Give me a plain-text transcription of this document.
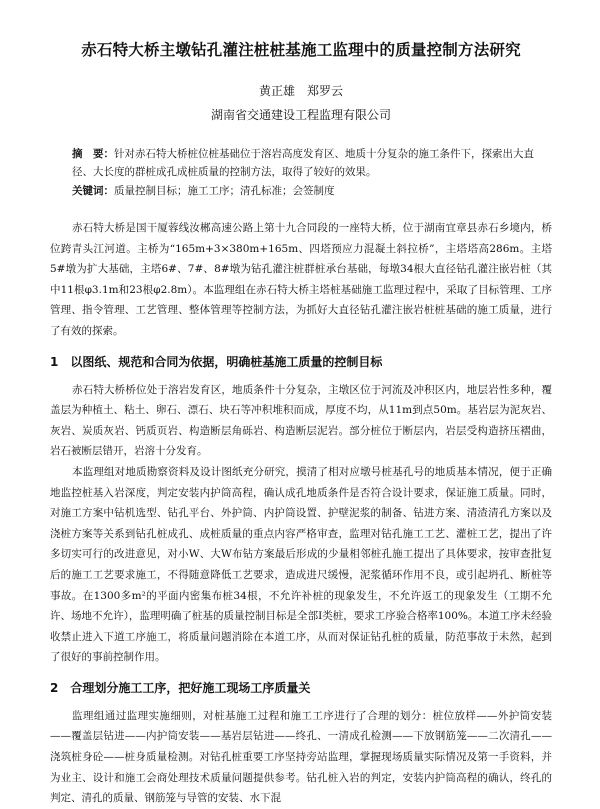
赤石特大桥主墩钻孔灌注桩桩基施工监理中的质量控制方法研究
黄正雄　郑罗云
湖南省交通建设工程监理有限公司
摘　要：针对赤石特大桥桩位桩基础位于溶岩高度发育区、地质十分复杂的施工条件下，探索出大直径、大长度的群桩成孔成桩质量的控制方法，取得了较好的效果。
关键词：质量控制目标；施工工序；清孔标准；会签制度

赤石特大桥是国干厦蓉线汝郴高速公路上第十九合同段的一座特大桥，位于湖南宜章县赤石乡境内，桥位跨青头江河道。主桥为“165m+3×380m+165m、四塔预应力混凝土斜拉桥”，主塔塔高286m。主塔5#墩为扩大基础，主塔6#、7#、8#墩为钻孔灌注桩群桩承台基础，每墩34根大直径钻孔灌注嵌岩桩（其中11根φ3.1m和23根φ2.8m）。本监理组在赤石特大桥主塔桩基础施工监理过程中，采取了目标管理、工序管理、指令管理、工艺管理、整体管理等控制方法，为抓好大直径钻孔灌注嵌岩桩桩基础的施工质量，进行了有效的探索。

1 以图纸、规范和合同为依据，明确桩基施工质量的控制目标

赤石特大桥桥位处于溶岩发育区，地质条件十分复杂，主墩区位于河流及冲积区内，地层岩性多种，覆盖层为种植土、粘土、卵石、漂石、块石等冲积堆积而成，厚度不均，从11m到点50m。基岩层为泥灰岩、灰岩、炭质灰岩、钙质页岩、构造断层角砾岩、构造断层泥岩。部分桩位于断层内，岩层受构造挤压褶曲，岩石被断层错开，岩溶十分发育。

本监理组对地质勘察资料及设计图纸充分研究，摸清了相对应墩号桩基孔号的地质基本情况，便于正确地监控桩基入岩深度，判定安装内护筒高程，确认成孔地质条件是否符合设计要求，保证施工质量。同时，对施工方案中钻机选型、钻孔平台、外护筒、内护筒设置、护壁泥浆的制备、钻进方案、清渣清孔方案以及浇桩方案等关系到钻孔桩成孔、成桩质量的重点内容严格审查，监理对钻孔施工工艺、灌桩工艺，提出了许多切实可行的改进意见，对小W、大W布钻方案最后形成的少量相邻桩孔施工提出了具体要求，按审查批复后的施工工艺要求施工，不得随意降低工艺要求，造成进尺缓慢，泥浆循环作用不良，或引起坍孔、断桩等事故。在1300多m²的平面内密集布桩34根，不允许补桩的现象发生，不允许返工的现象发生（工期不允许、场地不允许），监理明确了桩基的质量控制目标是全部Ⅰ类桩，要求工序验合格率100%。本道工序未经验收禁止进入下道工序施工，将质量问题消除在本道工序，从而对保证钻孔桩的质量，防范事故于未然，起到了很好的事前控制作用。

2 合理划分施工工序，把好施工现场工序质量关

监理组通过监理实施细则，对桩基施工过程和施工工序进行了合理的划分：桩位放样——外护筒安装——覆盖层钻进——内护筒安装——基岩层钻进——终孔、一清成孔检测——下放钢筋笼——二次清孔——浇筑桩身砼——桩身质量检测。对钻孔桩重要工序坚持旁站监理，掌握现场质量实际情况及第一手资料，并为业主、设计和施工会商处理技术质量问题提供参考。钻孔桩入岩的判定，安装内护筒高程的确认，终孔的判定、清孔的质量、钢筋笼与导管的安装、水下混
